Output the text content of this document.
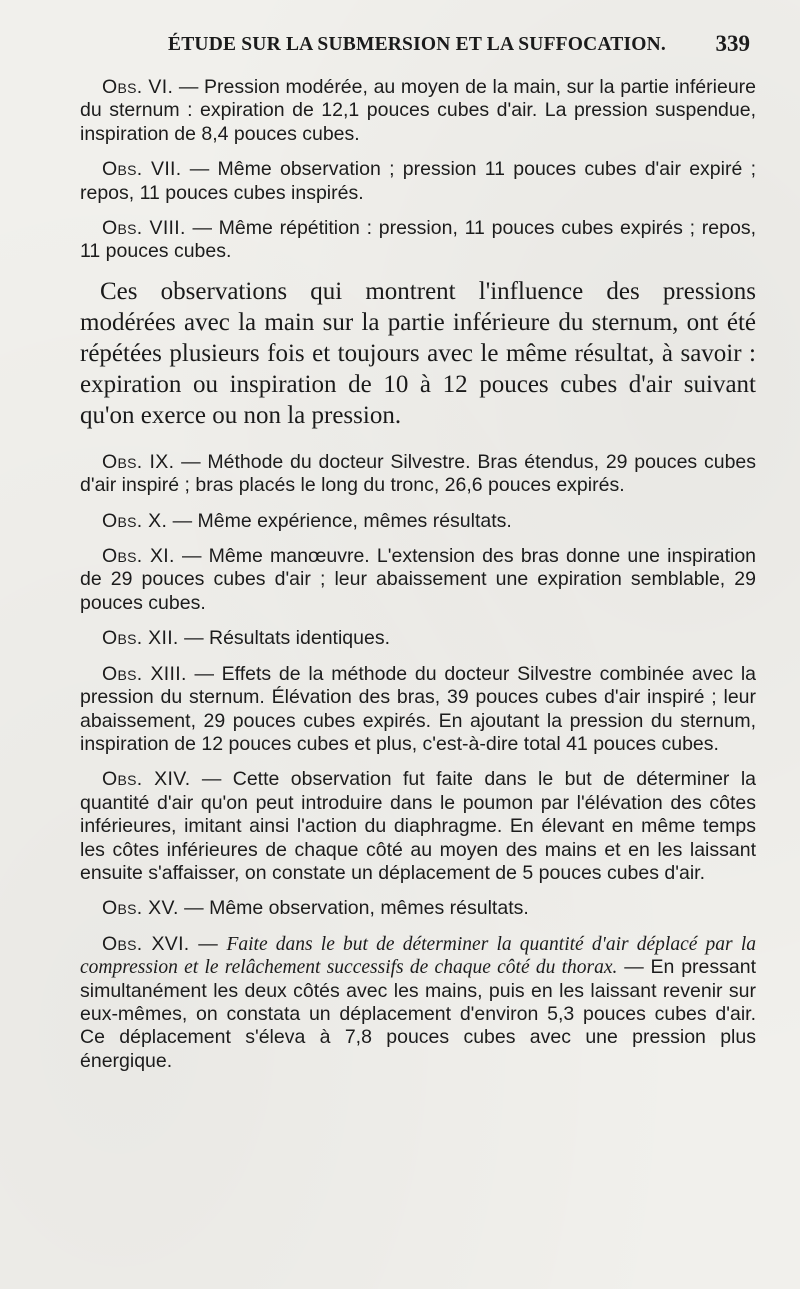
ÉTUDE SUR LA SUBMERSION ET LA SUFFOCATION. 339

Obs. VI. — Pression modérée, au moyen de la main, sur la partie inférieure du sternum : expiration de 12,1 pouces cubes d'air. La pression suspendue, inspiration de 8,4 pouces cubes.

Obs. VII. — Même observation ; pression 11 pouces cubes d'air expiré ; repos, 11 pouces cubes inspirés.

Obs. VIII. — Même répétition : pression, 11 pouces cubes expirés ; repos, 11 pouces cubes.

Ces observations qui montrent l'influence des pressions modérées avec la main sur la partie inférieure du sternum, ont été répétées plusieurs fois et toujours avec le même résultat, à savoir : expiration ou inspiration de 10 à 12 pouces cubes d'air suivant qu'on exerce ou non la pression.

Obs. IX. — Méthode du docteur Silvestre. Bras étendus, 29 pouces cubes d'air inspiré ; bras placés le long du tronc, 26,6 pouces expirés.

Obs. X. — Même expérience, mêmes résultats.

Obs. XI. — Même manœuvre. L'extension des bras donne une inspiration de 29 pouces cubes d'air ; leur abaissement une expiration semblable, 29 pouces cubes.

Obs. XII. — Résultats identiques.

Obs. XIII. — Effets de la méthode du docteur Silvestre combinée avec la pression du sternum. Élévation des bras, 39 pouces cubes d'air inspiré ; leur abaissement, 29 pouces cubes expirés. En ajoutant la pression du sternum, inspiration de 12 pouces cubes et plus, c'est-à-dire total 41 pouces cubes.

Obs. XIV. — Cette observation fut faite dans le but de déterminer la quantité d'air qu'on peut introduire dans le poumon par l'élévation des côtes inférieures, imitant ainsi l'action du diaphragme. En élevant en même temps les côtes inférieures de chaque côté au moyen des mains et en les laissant ensuite s'affaisser, on constate un déplacement de 5 pouces cubes d'air.

Obs. XV. — Même observation, mêmes résultats.

Obs. XVI. — Faite dans le but de déterminer la quantité d'air déplacé par la compression et le relâchement successifs de chaque côté du thorax. — En pressant simultanément les deux côtés avec les mains, puis en les laissant revenir sur eux-mêmes, on constata un déplacement d'environ 5,3 pouces cubes d'air. Ce déplacement s'éleva à 7,8 pouces cubes avec une pression plus énergique.
